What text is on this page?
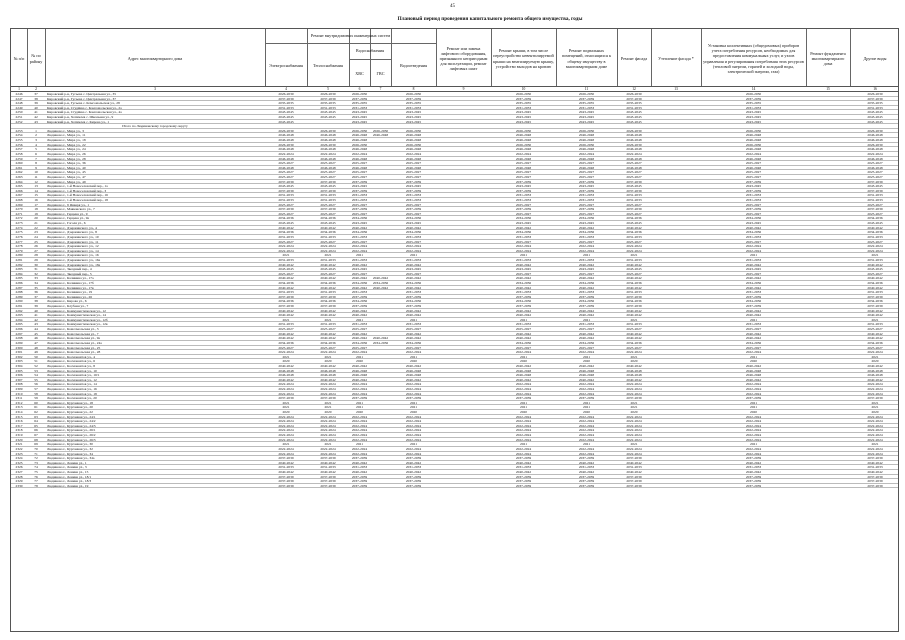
45
Плановый период проведения капитального ремонта общего имущества, годы
№ п/п
№ по району
Адрес многоквартирного дома
Ремонт внутридомовых инженерных систем
Электроснабжения	Теплоснабжения
Водоснабжения
ХВС	ГВС
Водоотведения
Ремонт или замена лифтового оборудования, признанного непригодным для эксплуатации, ремонт лифтовых шахт
Ремонт крыши, в том числе переустройство невентилируемой крыши на вентилируемую крышу, устройство выходов на кровлю
Ремонт подвальных помещений, относящихся к общему имуществу в многоквартирном доме
Ремонт фасада	Утепление фасада *
Установка коллективных (общедомовых) приборов учета потребления ресурсов, необходимых для предоставления коммунальных услуг, и узлов управления и регулирования потребления этих ресурсов (тепловой энергии, горячей и холодной воды, электрической энергии, газа)
Ремонт фундамента многоквартирного дома
Другие виды
1	2	3	4	5	6	7	8	9	10	11	12	13	14	15	16
2246	37	Кировский р-н, Гусьева с. Центральная ул., 35	2026-2030	2026-2030	2026-2030	2026-2030	2026-2030	2026-2030	2026-2030	2026-2030	2026-2030
2247	38	Кировский р-н, Гусьева с. Центральная ул., 37	2037-2039	2037-2039	2037-2039	2037-2039	2037-2039	2037-2039	2037-2039	2037-2039	2037-2039
2248	39	Кировский р-н, Гусьева с. Комсомольская ул., 28	2035-2035	2035-2035	2035-2035	2035-2035	2035-2035	2035-2035	2035-2035	2035-2035	2035-2035
2249	40	Кировский р-н, Студёнка с. Комсомольская ул., 2а	2031-2033	2031-2033	2031-2033	2031-2033	2031-2033	2031-2033	2031-2033	2031-2033	2031-2033
2250	41	Кировский р-н, Студёнка с. Комсомольская ул., 4а	2043-2045	2043-2045	2043-2045	2043-2045	2043-2045	2043-2045	2043-2045	2043-2045	2043-2045
2251	42	Кировский р-н, Хотимлев с. Школьная ул., 9	2043-2045	2043-2045	2043-2045	2043-2045	2043-2045	2043-2045	2043-2045	2043-2045	2043-2045
2252	43	Кировский р-н, Хотимлев с. Кирова ул., 1	2043-2045	2043-2045	2043-2045	2043-2045	2043-2045	2043-2045	2043-2045	2043-2045
Итого по Людиновскому городскому округу
2253	1	Людиново г., Мира ул., 3	2026-2030	2026-2030	2026-2030	2026-2030	2026-2030	2026-2030	2026-2030	2026-2030	2026-2030	2026-2030
2254	2	Людиново г., Мира ул., 11	2046-2048	2046-2048	2046-2048	2046-2048	2046-2048	2046-2048	2046-2048	2046-2048	2046-2048	2046-2048
2255	3	Людиново г., Мира ул., 18	2046-2048	2046-2048	2046-2048	2046-2048	2046-2048	2046-2048	2046-2048	2046-2048	2046-2048
2256	4	Людиново г., Мира ул., 22	2026-2030	2026-2030	2026-2030	2026-2030	2026-2030	2026-2030	2026-2030	2026-2030	2026-2030
2257	5	Людиново г., Мира ул., 24	2046-2048	2046-2048	2046-2048	2046-2048	2046-2048	2046-2048	2046-2048	2046-2048	2046-2048
2258	6	Людиново г., Мира ул., 26	2022-2024	2022-2024	2022-2024	2022-2024	2022-2024	2022-2024	2022-2024	2022-2024	2022-2024
2259	7	Людиново г., Мира ул., 28	2046-2048	2046-2048	2046-2048	2046-2048	2046-2048	2046-2048	2046-2048	2046-2048	2046-2048
2260	8	Людиново г., Мира ул., 36	2025-2027	2025-2027	2025-2027	2025-2027	2025-2027	2025-2027	2025-2027	2025-2027	2025-2027
2261	9	Людиново г., Мира ул., 40	2046-2048	2046-2048	2046-2048	2046-2048	2046-2048	2046-2048	2046-2048	2046-2048	2046-2048
2262	10	Людиново г., Мира ул., 45	2025-2027	2025-2027	2025-2027	2025-2027	2025-2027	2025-2027	2025-2027	2025-2027	2025-2027
2263	11	Людиново г., Мира ул., 47	2025-2027	2025-2027	2025-2027	2025-2027	2025-2027	2025-2027	2025-2027	2025-2027	2025-2027
2264	12	Людиново г., Мира ул., 49	2037-2039	2037-2039	2037-2039	2037-2039	2037-2039	2037-2039	2037-2039	2037-2039	2037-2039
2265	13	Людиново г., 1-й Новоселовский пер., 1а	2043-2045	2043-2045	2043-2045	2043-2045	2043-2045	2043-2045	2043-2045	2043-2045	2043-2045
2266	14	Людиново г., 1-й Новоселовский пер., 3	2037-2039	2037-2039	2037-2039	2037-2039	2037-2039	2037-2039	2037-2039	2037-2039	2037-2039
2267	15	Людиново г., 1-й Новоселовский пер., 16	2031-2033	2031-2033	2031-2033	2031-2033	2031-2033	2031-2033	2031-2033	2031-2033	2031-2033
2268	16	Людиново г., 1-й Новоселовский пер., 18	2031-2033	2031-2033	2031-2033	2031-2033	2031-2033	2031-2033	2031-2033	2031-2033	2031-2033
2269	17	Людиново г., 9 Января ул., 1	2025-2027	2025-2027	2025-2027	2025-2027	2025-2027	2025-2027	2025-2027	2025-2027	2025-2027
2270	18	Людиново г., Маяковского ул., 7	2037-2039	2037-2039	2037-2039	2037-2039	2037-2039	2037-2039	2037-2039	2037-2039	2037-2039
2271	19	Людиново г., Герцена ул., 9	2025-2027	2025-2027	2025-2027	2025-2027	2025-2027	2025-2027	2025-2027	2025-2027	2025-2027
2272	20	Людиново г., Герцена ул., 9а	2034-2036	2034-2036	2034-2036	2034-2036	2034-2036	2034-2036	2034-2036	2034-2036	2034-2036
2273	21	Людиново г., Гоголя ул., 6	2043-2045	2043-2045	2043-2045	2043-2045	2043-2045	2043-2045	2043-2045	2043-2045	2043-2045
2274	22	Людиново г., Дзержинского ул., 4	2040-2042	2040-2042	2040-2042	2040-2042	2040-2042	2040-2042	2040-2042	2040-2042	2040-2042
2275	23	Людиново г., Дзержинского ул., 8	2034-2036	2034-2036	2034-2036	2034-2036	2034-2036	2034-2036	2034-2036	2034-2036	2034-2036
2276	24	Людиново г., Дзержинского ул., 10	2031-2033	2031-2033	2031-2033	2031-2033	2031-2033	2031-2033	2031-2033	2031-2033	2031-2033
2277	25	Людиново г., Дзержинского ул., 11	2025-2027	2025-2027	2025-2027	2025-2027	2025-2027	2025-2027	2025-2027	2025-2027	2025-2027
2278	26	Людиново г., Дзержинского ул., 12	2022-2024	2022-2024	2022-2024	2022-2024	2022-2024	2022-2024	2022-2024	2022-2024	2022-2024
2279	27	Людиново г., Дзержинского ул., 14	2022-2024	2022-2024	2022-2024	2022-2024	2022-2024	2022-2024	2022-2024	2022-2024	2022-2024
2280	28	Людиново г., Дзержинского ул., 16	2021	2021	2021	2021	2021	2021	2021	2021	2021
2281	29	Людиново г., Дзержинского ул., 16а	2031-2033	2031-2033	2031-2033	2031-2033	2031-2033	2031-2033	2031-2033	2031-2033	2031-2033
2282	30	Людиново г., Дзержинского ул., 18а	2040-2042	2040-2042	2040-2042	2040-2042	2040-2042	2040-2042	2040-2042	2040-2042	2040-2042
2283	31	Людиново г., Звездный пер., 4	2043-2045	2043-2045	2043-2045	2043-2045	2043-2045	2043-2045	2043-2045	2043-2045	2043-2045
2284	32	Людиново г., Звездный пер., 5	2025-2027	2025-2027	2025-2027	2025-2027	2025-2027	2025-2027	2025-2027	2025-2027	2025-2027
2285	33	Людиново г., Калинина ул., 17а	2040-2042	2040-2042	2040-2042	2040-2042	2040-2042	2040-2042	2040-2042	2040-2042	2040-2042	2040-2042
2286	34	Людиново г., Калинина ул., 17б	2034-2036	2034-2036	2034-2036	2034-2036	2034-2036	2034-2036	2034-2036	2034-2036	2034-2036	2034-2036
2287	35	Людиново г., Калинина ул., 17в	2040-2042	2040-2042	2040-2042	2040-2042	2040-2042	2040-2042	2040-2042	2040-2042	2040-2042	2040-2042
2288	36	Людиново г., Калинина ул., 19	2031-2033	2031-2033	2031-2033	2031-2033	2031-2033	2031-2033	2031-2033	2031-2033	2031-2033
2289	37	Людиново г., Калинина ул., 26	2037-2039	2037-2039	2037-2039	2037-2039	2037-2039	2037-2039	2037-2039	2037-2039	2037-2039
2290	38	Людиново г., Кирова ул., 6	2034-2036	2034-2036	2034-2036	2034-2036	2034-2036	2034-2036	2034-2036	2034-2036	2034-2036
2291	39	Людиново г., Клубная ул., 7	2037-2039	2037-2039	2037-2039	2037-2039	2037-2039	2037-2039	2037-2039	2037-2039	2037-2039
2292	40	Людиново г., Коммунистическая ул., 12	2040-2042	2040-2042	2040-2042	2040-2042	2040-2042	2040-2042	2040-2042	2040-2042	2040-2042
2293	41	Людиново г., Коммунистическая ул., 14	2040-2042	2040-2042	2040-2042	2040-2042	2040-2042	2040-2042	2040-2042	2040-2042	2040-2042
2294	42	Людиново г., Коммунистическая ул., 12б	2021	2021	2021	2021	2021	2021	2021	2021	2021
2295	43	Людиново г., Коммунистическая ул., 12в	2031-2033	2031-2033	2031-2033	2031-2033	2031-2033	2031-2033	2031-2033	2031-2033	2031-2033
2296	44	Людиново г., Комсомольская ул., 3	2025-2027	2025-2027	2025-2027	2025-2027	2025-2027	2025-2027	2025-2027	2025-2027	2025-2027
2297	45	Людиново г., Комсомольская ул., 7	2040-2042	2040-2042	2040-2042	2040-2042	2040-2042	2040-2042	2040-2042	2040-2042	2040-2042
2298	46	Людиново г., Комсомольская ул., 9а	2040-2042	2040-2042	2040-2042	2040-2042	2040-2042	2040-2042	2040-2042	2040-2042	2040-2042	2040-2042
2299	47	Людиново г., Комсомольская ул., 24а	2034-2036	2034-2036	2034-2036	2034-2036	2034-2036	2034-2036	2034-2036	2034-2036	2034-2036	2034-2036
2300	48	Людиново г., Комсомольская ул., 25	2025-2027	2025-2027	2025-2027	2025-2027	2025-2027	2025-2027	2025-2027	2025-2027	2025-2027
2301	49	Людиново г., Комсомольская ул., 28	2022-2024	2022-2024	2022-2024	2022-2024	2022-2024	2022-2024	2022-2024	2022-2024	2022-2024
2302	50	Людиново г., Космонавтов ул., 4	2021	2021	2021	2021	2021	2021	2021	2021	2021
2303	51	Людиново г., Космонавтов ул., 6	2020	2020	2020	2020	2020	2020	2020	2020	2020
2304	52	Людиново г., Космонавтов ул., 8	2040-2042	2040-2042	2040-2042	2040-2042	2040-2042	2040-2042	2040-2042	2040-2042	2040-2042
2305	53	Людиново г., Космонавтов ул., 10	2046-2048	2046-2048	2046-2048	2046-2048	2046-2048	2046-2048	2046-2048	2046-2048	2046-2048
2306	54	Людиново г., Космонавтов ул., 10/1	2046-2048	2046-2048	2046-2048	2046-2048	2046-2048	2046-2048	2046-2048	2046-2048	2046-2048
2307	55	Людиново г., Космонавтов ул., 12	2040-2042	2040-2042	2040-2042	2040-2042	2040-2042	2040-2042	2040-2042	2040-2042	2040-2042
2308	56	Людиново г., Космонавтов ул., 14	2022-2024	2022-2024	2022-2024	2022-2024	2022-2024	2022-2024	2022-2024	2022-2024	2022-2024
2309	57	Людиново г., Космонавтов ул., 16	2022-2024	2022-2024	2022-2024	2022-2024	2022-2024	2022-2024	2022-2024	2022-2024	2022-2024
2310	58	Людиново г., Космонавтов ул., 18	2022-2024	2022-2024	2022-2024	2022-2024	2022-2024	2022-2024	2022-2024	2022-2024	2022-2024
2311	59	Людиново г., Космонавтов ул., 20	2037-2039	2037-2039	2037-2039	2037-2039	2037-2039	2037-2039	2037-2039	2037-2039	2037-2039
2312	60	Людиново г., Курганная ул., 18	2021	2021	2021	2021	2021	2021	2021	2021	2021
2313	61	Людиново г., Курганная ул., 20	2021	2021	2021	2021	2021	2021	2021	2021	2021
2314	62	Людиново г., Курганная ул., 22	2020	2020	2020	2020	2020	2020	2020	2020	2020
2315	63	Людиново г., Курганная ул., 24/1	2022-2024	2022-2024	2022-2024	2022-2024	2022-2024	2022-2024	2022-2024	2022-2024	2022-2024
2316	64	Людиново г., Курганная ул., 24/2	2022-2024	2022-2024	2022-2024	2022-2024	2022-2024	2022-2024	2022-2024	2022-2024	2022-2024
2317	65	Людиново г., Курганная ул., 24/3	2022-2024	2022-2024	2022-2024	2022-2024	2022-2024	2022-2024	2022-2024	2022-2024	2022-2024
2318	66	Людиново г., Курганная ул., 26/1	2022-2024	2022-2024	2022-2024	2022-2024	2022-2024	2022-2024	2022-2024	2022-2024	2022-2024
2319	67	Людиново г., Курганная ул., 26/2	2022-2024	2022-2024	2022-2024	2022-2024	2022-2024	2022-2024	2022-2024	2022-2024	2022-2024
2320	68	Людиново г., Курганная ул., 26/3	2022-2024	2022-2024	2022-2024	2022-2024	2022-2024	2022-2024	2022-2024	2022-2024	2022-2024
2321	69	Людиново г., Курганная ул., 30	2021	2021	2021	2021	2021	2021	2021	2021	2021
2322	70	Людиново г., Курганная ул., 32	2022-2024	2022-2024	2022-2024	2022-2024	2022-2024	2022-2024	2022-2024	2022-2024	2022-2024
2323	71	Людиново г., Курганная ул., 34	2022-2024	2022-2024	2022-2024	2022-2024	2022-2024	2022-2024	2022-2024	2022-2024	2022-2024
2324	72	Людиново г., Курганная ул., 34а	2037-2039	2037-2039	2037-2039	2037-2039	2037-2039	2037-2039	2037-2039	2037-2039	2037-2039
2325	73	Людиново г., Ленина ул., 1	2040-2042	2040-2042	2040-2042	2040-2042	2040-2042	2040-2042	2040-2042	2040-2042	2040-2042
2326	74	Людиново г., Ленина ул., 3	2031-2033	2031-2033	2031-2033	2031-2033	2031-2033	2031-2033	2031-2033	2031-2033	2031-2033
2327	75	Людиново г., Ленина ул., 15	2040-2042	2040-2042	2040-2042	2040-2042	2040-2042	2040-2042	2040-2042	2040-2042	2040-2042
2328	76	Людиново г., Ленина ул., 18/1	2037-2039	2037-2039	2037-2039	2037-2039	2037-2039	2037-2039	2037-2039	2037-2039	2037-2039
2329	77	Людиново г., Ленина ул., 18/3	2037-2039	2037-2039	2037-2039	2037-2039	2037-2039	2037-2039	2037-2039	2037-2039	2037-2039
2330	78	Людиново г., Ленина ул., 19	2037-2039	2037-2039	2037-2039	2037-2039	2037-2039	2037-2039	2037-2039	2037-2039	2037-2039
